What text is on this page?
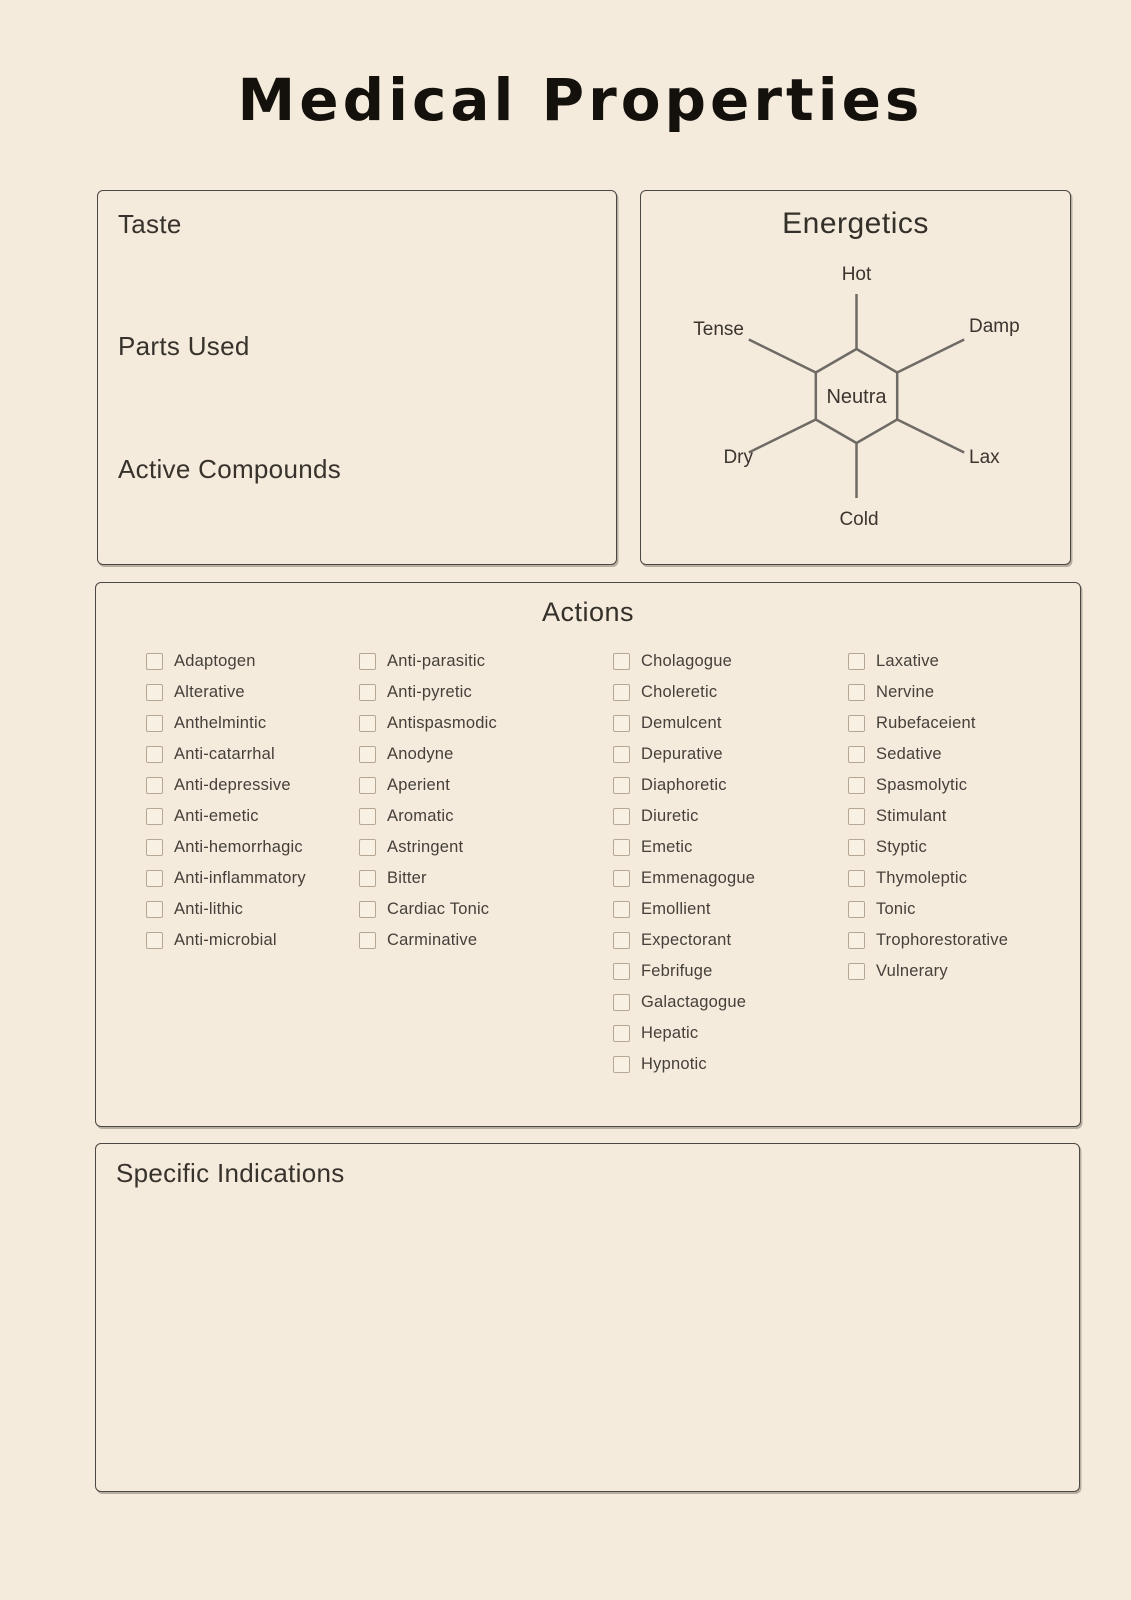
Medical Properties
Taste
Parts Used
Active Compounds
Energetics
Hot
Tense	Damp
Dry	Lax
Cold
Neutra
Actions
Adaptogen
Alterative
Anthelmintic
Anti-catarrhal
Anti-depressive
Anti-emetic
Anti-hemorrhagic
Anti-inflammatory
Anti-lithic
Anti-microbial
Anti-parasitic
Anti-pyretic
Antispasmodic
Anodyne
Aperient
Aromatic
Astringent
Bitter
Cardiac Tonic
Carminative
Cholagogue
Choleretic
Demulcent
Depurative
Diaphoretic
Diuretic
Emetic
Emmenagogue
Emollient
Expectorant
Febrifuge
Galactagogue
Hepatic
Hypnotic
Laxative
Nervine
Rubefaceient
Sedative
Spasmolytic
Stimulant
Styptic
Thymoleptic
Tonic
Trophorestorative
Vulnerary
Specific Indications
